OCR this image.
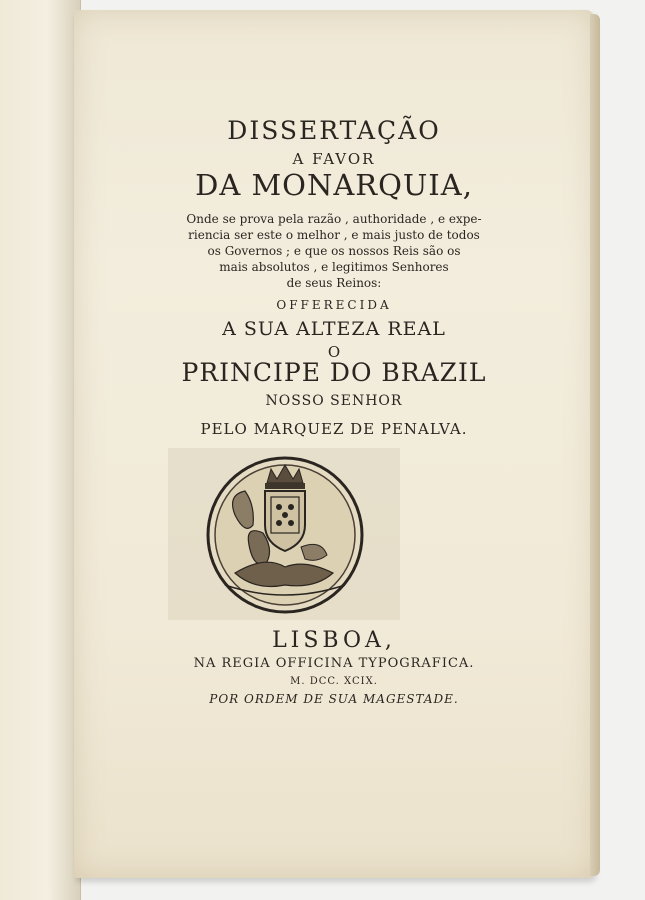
DISSERTAÇÃO
A FAVOR
DA MONARQUIA,
Onde se prova pela razão , authoridade , e expe-
riencia ser este o melhor , e mais justo de todos
os Governos ; e que os nossos Reis são os
mais absolutos , e legitimos Senhores
de seus Reinos:
OFFERECIDA
A SUA ALTEZA REAL
O
PRINCIPE DO BRAZIL
NOSSO SENHOR
PELO MARQUEZ DE PENALVA.
LISBOA,
NA REGIA OFFICINA TYPOGRAFICA.
M. DCC. XCIX.
POR ORDEM DE SUA MAGESTADE.
